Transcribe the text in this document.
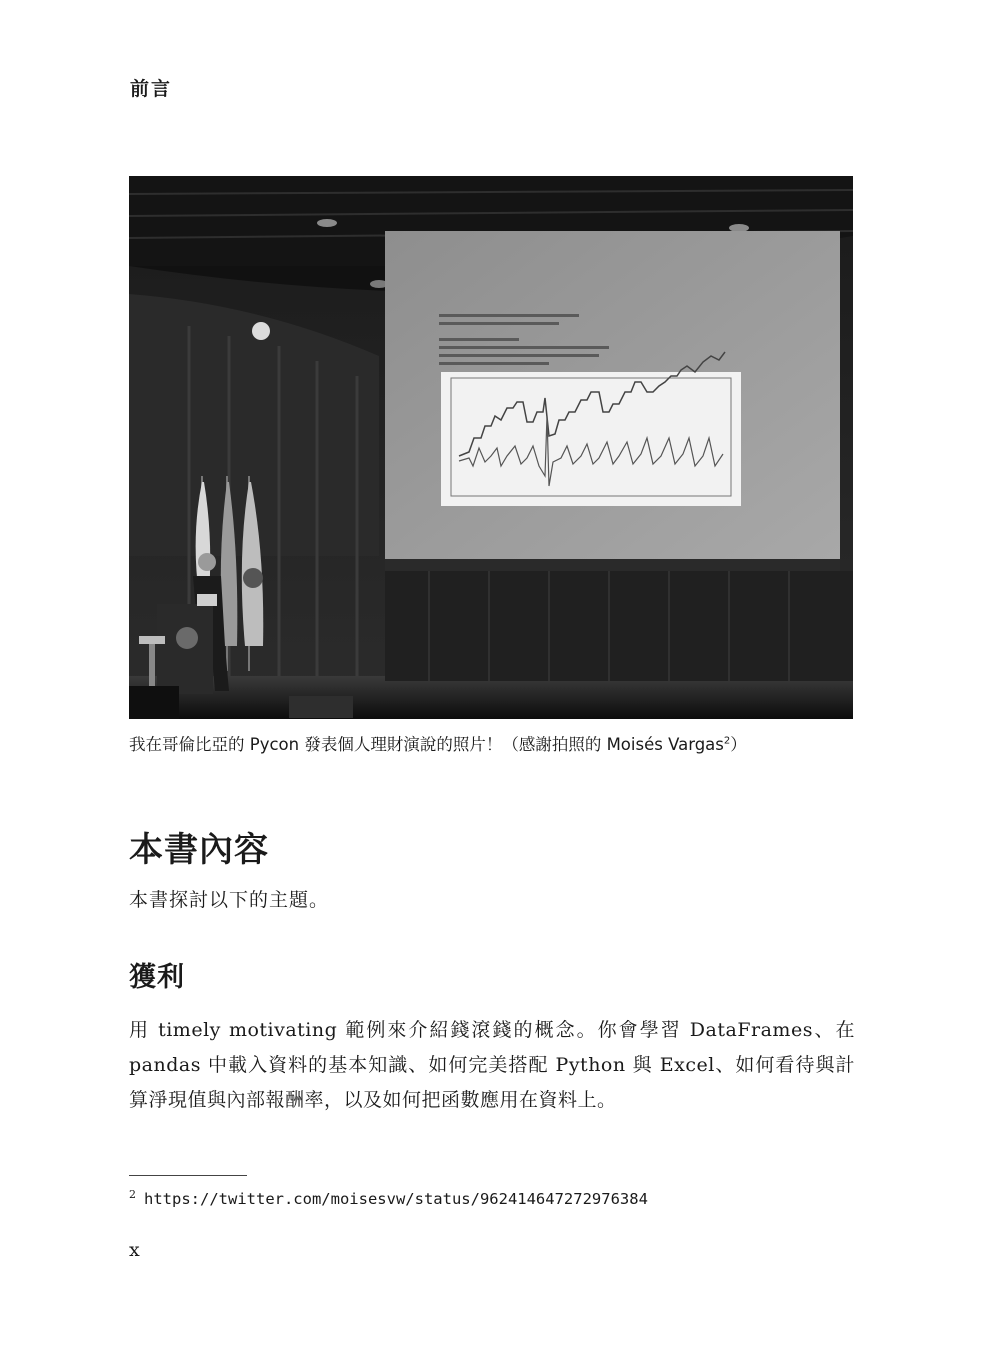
前言
我在哥倫比亞的 Pycon 發表個人理財演說的照片！（感謝拍照的 Moisés Vargas$^2$）
本書內容
本書探討以下的主題。
獲利
用 timely motivating 範例來介紹錢滾錢的概念。你會學習 DataFrames、在 pandas 中載入資料的基本知識、如何完美搭配 Python 與 Excel、如何看待與計算淨現值與內部報酬率，以及如何把函數應用在資料上。
$^2$ https://twitter.com/moisesvw/status/962414647272976384
x
